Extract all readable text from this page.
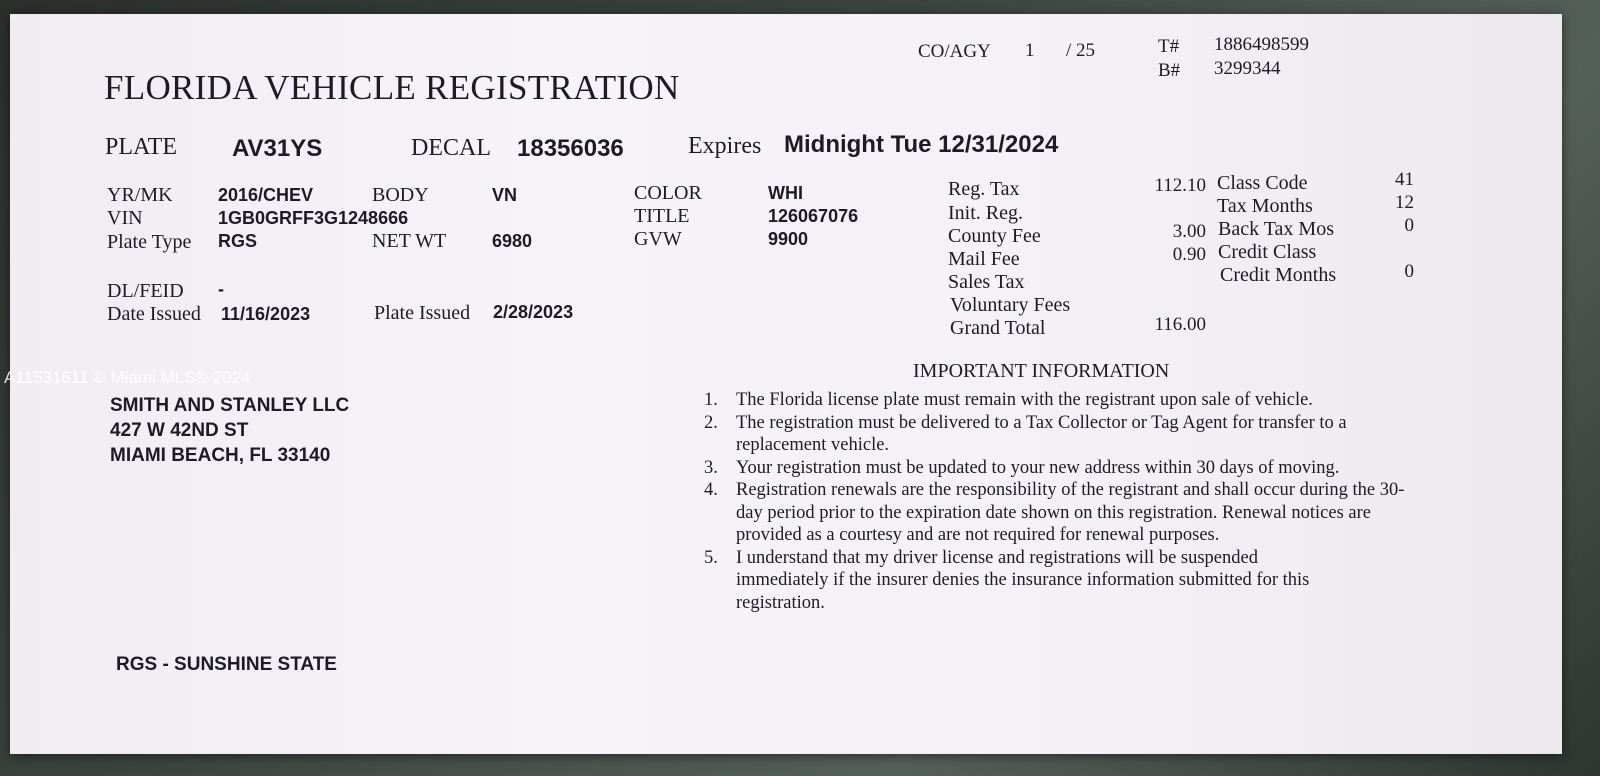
FLORIDA VEHICLE REGISTRATION
CO/AGY 1 / 25	T# 1886498599
B# 3299344
PLATE AV31YS	DECAL 18356036	Expires Midnight Tue 12/31/2024
YR/MK	2016/CHEV	BODY	VN	COLOR	WHI
VIN	1GB0GRFF3G1248666	TITLE	126067076
Plate Type RGS	NET WT	6980	GVW	9900
DL/FEID -
Date Issued 11/16/2023	Plate Issued 2/28/2023
Reg. Tax	112.10
Init. Reg.
County Fee	3.00
Mail Fee	0.90
Sales Tax
Voluntary Fees
Grand Total	116.00
Class Code	41
Tax Months	12
Back Tax Mos	0
Credit Class
Credit Months	0
SMITH AND STANLEY LLC
427 W 42ND ST
MIAMI BEACH, FL 33140
IMPORTANT INFORMATION
1. The Florida license plate must remain with the registrant upon sale of vehicle.
2. The registration must be delivered to a Tax Collector or Tag Agent for transfer to a replacement vehicle.
3. Your registration must be updated to your new address within 30 days of moving.
4. Registration renewals are the responsibility of the registrant and shall occur during the 30-day period prior to the expiration date shown on this registration. Renewal notices are provided as a courtesy and are not required for renewal purposes.
5. I understand that my driver license and registrations will be suspended immediately if the insurer denies the insurance information submitted for this registration.
RGS - SUNSHINE STATE
A11531611 © Miami MLS® 2024
